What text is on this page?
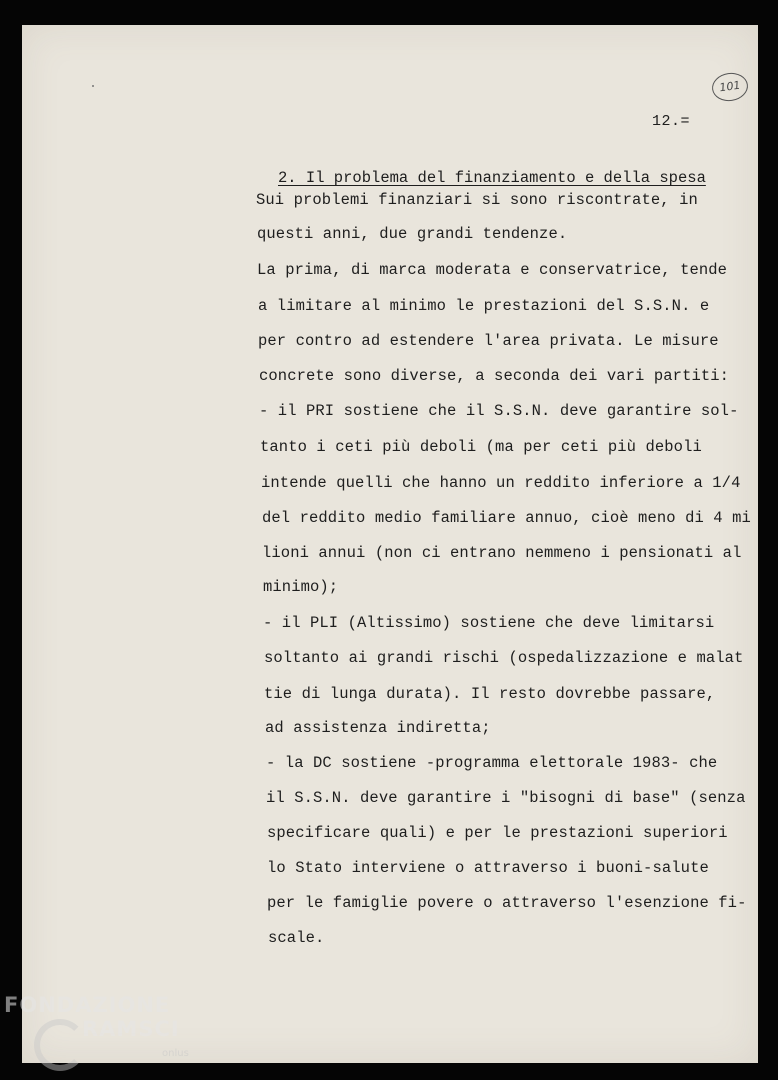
101
12.=
2. Il problema del finanziamento e della spesa
Sui problemi finanziari si sono riscontrate, in
questi anni, due grandi tendenze.
La prima, di marca moderata e conservatrice, tende
a limitare al minimo le prestazioni del S.S.N. e
per contro ad estendere l'area privata. Le misure
concrete sono diverse, a seconda dei vari partiti:
- il PRI sostiene che il S.S.N. deve garantire sol-
tanto i ceti più deboli (ma per ceti più deboli
intende quelli che hanno un reddito inferiore a 1/4
del reddito medio familiare annuo, cioè meno di 4 mi
lioni annui (non ci entrano nemmeno i pensionati al
minimo);
- il PLI (Altissimo) sostiene che deve limitarsi
soltanto ai grandi rischi (ospedalizzazione e malat
tie di lunga durata). Il resto dovrebbe passare,
ad assistenza indiretta;
- la DC sostiene -programma elettorale 1983- che
il S.S.N. deve garantire i "bisogni di base" (senza
specificare quali) e per le prestazioni superiori
lo Stato interviene o attraverso i buoni-salute
per le famiglie povere o attraverso l'esenzione fi-
scale.
FONDAZIONE
RAMSCI
onlus
